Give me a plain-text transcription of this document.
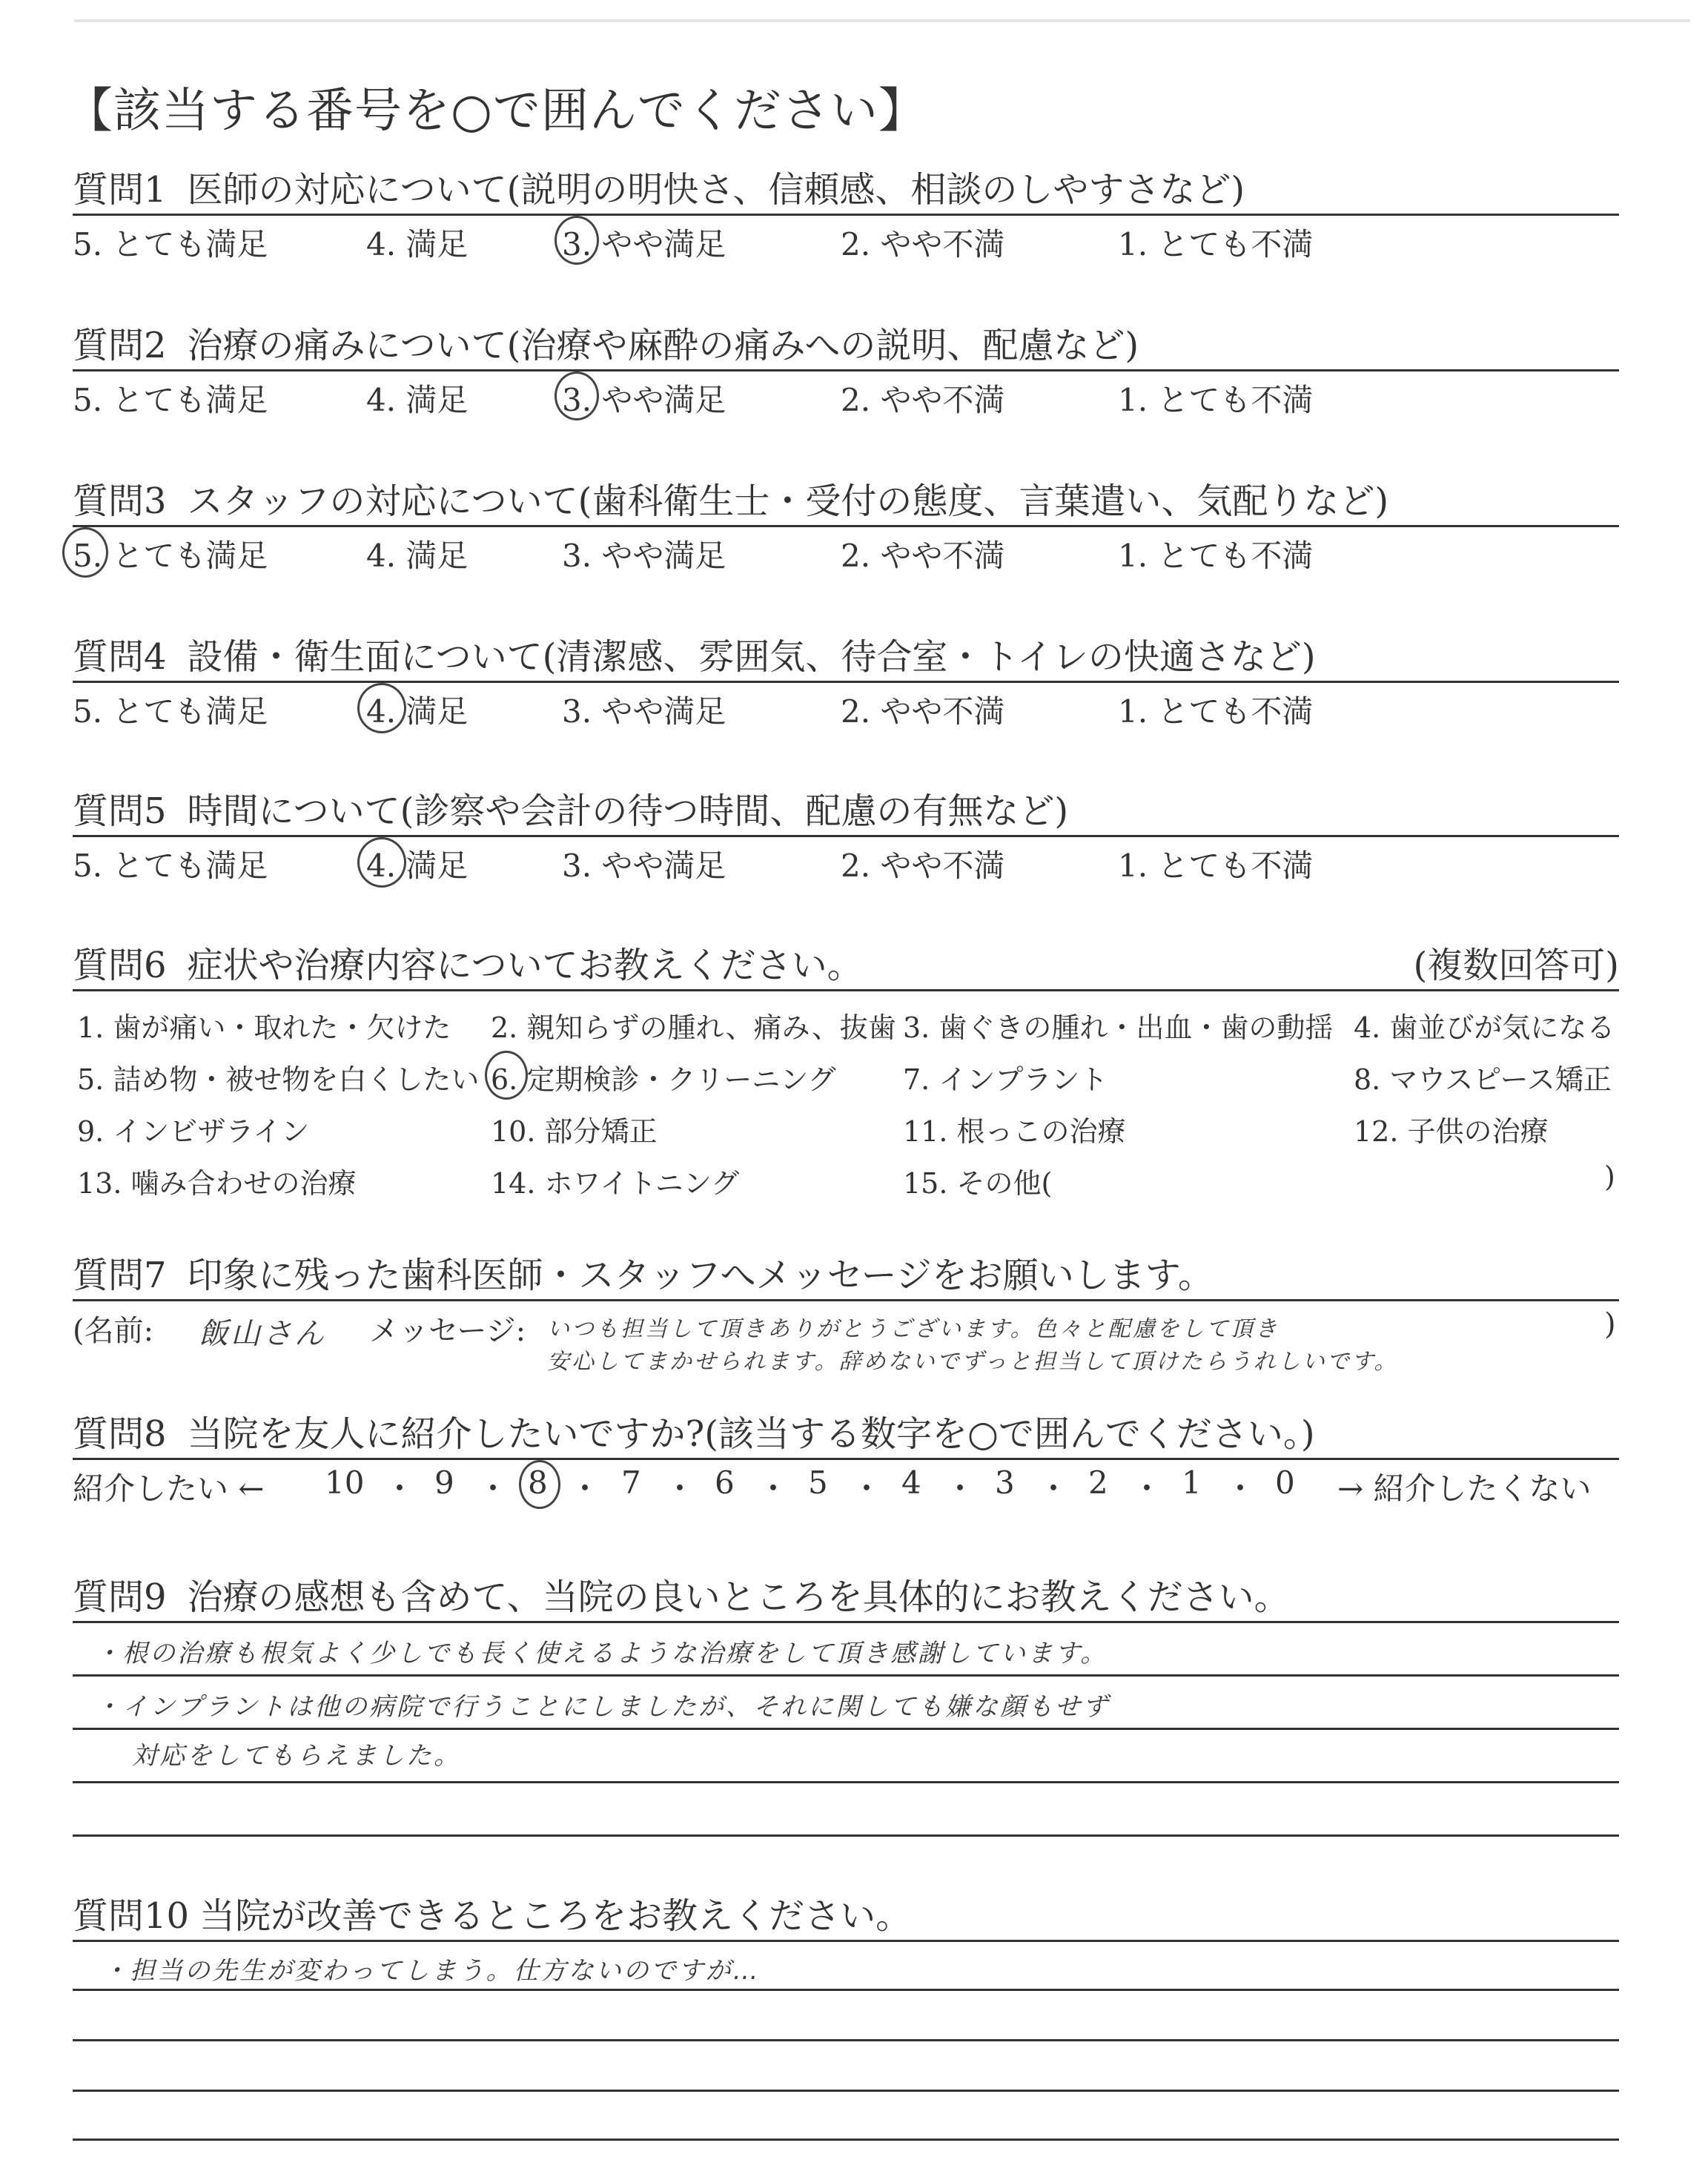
【該当する番号を○で囲んでください】
質問1 医師の対応について(説明の明快さ、信頼感、相談のしやすさなど)
5. とても満足	4. 満足	3. やや満足	2. やや不満	1. とても不満
質問2 治療の痛みについて(治療や麻酔の痛みへの説明、配慮など)
5. とても満足	4. 満足	3. やや満足	2. やや不満	1. とても不満
質問3 スタッフの対応について(歯科衛生士・受付の態度、言葉遣い、気配りなど)
5. とても満足	4. 満足	3. やや満足	2. やや不満	1. とても不満
質問4 設備・衛生面について(清潔感、雰囲気、待合室・トイレの快適さなど)
5. とても満足	4. 満足	3. やや満足	2. やや不満	1. とても不満
質問5 時間について(診察や会計の待つ時間、配慮の有無など)
5. とても満足	4. 満足	3. やや満足	2. やや不満	1. とても不満
質問6 症状や治療内容についてお教えください。	(複数回答可)
1. 歯が痛い・取れた・欠けた 2. 親知らずの腫れ、痛み、抜歯 3. 歯ぐきの腫れ・出血・歯の動揺 4. 歯並びが気になる
5. 詰め物・被せ物を白くしたい 6. 定期検診・クリーニング 7. インプラント	8. マウスピース矯正
9. インビザライン	10. 部分矯正	11. 根っこの治療	12. 子供の治療
13. 噛み合わせの治療	14. ホワイトニング	15. その他(	)
質問7 印象に残った歯科医師・スタッフへメッセージをお願いします。
(名前: 飯山さん メッセージ: いつも担当して頂きありがとうございます。色々と配慮をして頂き
安心してまかせられます。辞めないでずっと担当して頂けたらうれしいです。
)
質問8 当院を友人に紹介したいですか?(該当する数字を○で囲んでください。)
紹介したい ← 10 ・ 9 ・ 8 ・ 7 ・ 6 ・ 5 ・ 4 ・ 3 ・ 2 ・ 1 ・ 0 → 紹介したくない
質問9 治療の感想も含めて、当院の良いところを具体的にお教えください。
・根の治療も根気よく少しでも長く使えるような治療をして頂き感謝しています。
・インプラントは他の病院で行うことにしましたが、それに関しても嫌な顔もせず
対応をしてもらえました。
質問10 当院が改善できるところをお教えください。
・担当の先生が変わってしまう。仕方ないのですが…
